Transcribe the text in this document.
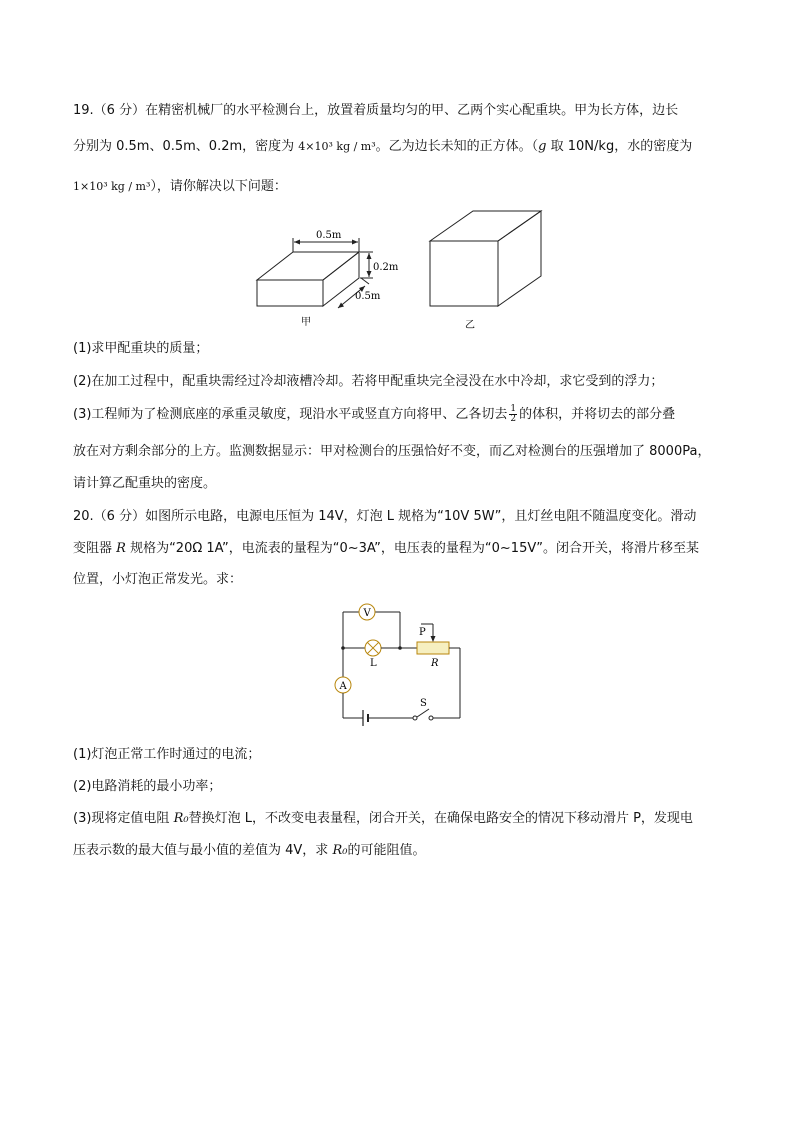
19.（6 分）在精密机械厂的水平检测台上，放置着质量均匀的甲、乙两个实心配重块。甲为长方体，边长
分别为 0.5m、0.5m、0.2m，密度为 4×10³ kg / m³。乙为边长未知的正方体。（g 取 10N/kg，水的密度为
1×10³ kg / m³），请你解决以下问题：
0.5m
0.2m
0.5m
甲	乙
(1)求甲配重块的质量；
(2)在加工过程中，配重块需经过冷却液槽冷却。若将甲配重块完全浸没在水中冷却，求它受到的浮力；
(3)工程师为了检测底座的承重灵敏度，现沿水平或竖直方向将甲、乙各切去 $\frac{1}{2}$ 的体积，并将切去的部分叠
放在对方剩余部分的上方。监测数据显示：甲对检测台的压强恰好不变，而乙对检测台的压强增加了 8000Pa，
请计算乙配重块的密度。
20.（6 分）如图所示电路，电源电压恒为 14V，灯泡 L 规格为“10V 5W”，且灯丝电阻不随温度变化。滑动
变阻器 R 规格为“20Ω 1A”，电流表的量程为“0~3A”，电压表的量程为“0~15V”。闭合开关，将滑片移至某
位置，小灯泡正常发光。求：
V
A
L
P
R
S
(1)灯泡正常工作时通过的电流；
(2)电路消耗的最小功率；
(3)现将定值电阻 R₀替换灯泡 L，不改变电表量程，闭合开关，在确保电路安全的情况下移动滑片 P，发现电
压表示数的最大值与最小值的差值为 4V，求 R₀的可能阻值。
